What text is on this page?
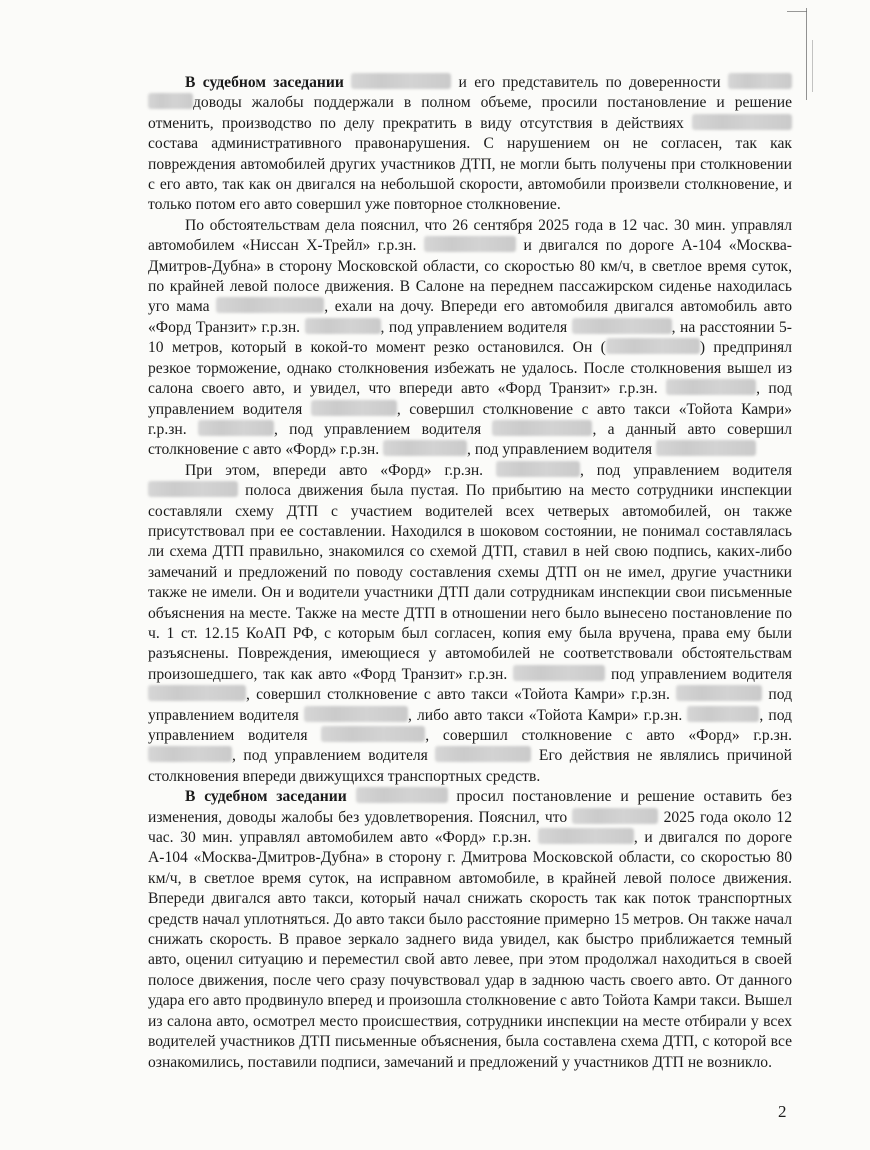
В судебном заседании	и его представитель по доверенности  доводы жалобы поддержали в полном объеме, просили постановление и решение отменить, производство по делу прекратить в виду отсутствия в действиях  состава административного правонарушения. С нарушением он не согласен, так как повреждения автомобилей других участников ДТП, не могли быть получены при столкновении с его авто, так как он двигался на небольшой скорости, автомобили произвели столкновение, и только потом его авто совершил уже повторное столкновение.

По обстоятельствам дела пояснил, что 26 сентября 2025 года в 12 час. 30 мин. управлял автомобилем «Ниссан Х-Трейл» г.р.зн.	и двигался по дороге А-104 «Москва-Дмитров-Дубна» в сторону Московской области, со скоростью 80 км/ч, в светлое время суток, по крайней левой полосе движения. В Салоне на переднем пассажирском сиденье находилась уго мама	, ехали на дочу. Впереди его автомобиля двигался автомобиль авто «Форд Транзит» г.р.зн.	, под управлением водителя	, на расстоянии 5-10 метров, который в кокой-то момент резко остановился. Он (	) предпринял резкое торможение, однако столкновения избежать не удалось. После столкновения вышел из салона своего авто, и увидел, что впереди авто «Форд Транзит» г.р.зн.	, под управлением водителя	, совершил столкновение с авто такси «Тойота Камри» г.р.зн.	, под управлением водителя	, а данный авто совершил столкновение с авто «Форд» г.р.зн.	, под управлением водителя

При этом, впереди авто «Форд» г.р.зн.	, под управлением водителя  полоса движения была пустая. По прибытию на место сотрудники инспекции составляли схему ДТП с участием водителей всех четверых автомобилей, он также присутствовал при ее составлении. Находился в шоковом состоянии, не понимал составлялась ли схема ДТП правильно, знакомился со схемой ДТП, ставил в ней свою подпись, каких-либо замечаний и предложений по поводу составления схемы ДТП он не имел, другие участники также не имели. Он и водители участники ДТП дали сотрудникам инспекции свои письменные объяснения на месте. Также на месте ДТП в отношении него было вынесено постановление по ч. 1 ст. 12.15 КоАП РФ, с которым был согласен, копия ему была вручена, права ему были разъяснены. Повреждения, имеющиеся у автомобилей не соответствовали обстоятельствам произошедшего, так как авто «Форд Транзит» г.р.зн.	под управлением водителя , совершил столкновение с авто такси «Тойота Камри» г.р.зн.	под управлением водителя	, либо авто такси «Тойота Камри» г.р.зн.	, под управлением водителя	, совершил столкновение с авто «Форд» г.р.зн. , под управлением водителя	Его действия не являлись причиной столкновения впереди движущихся транспортных средств.

В судебном заседании	просил постановление и решение оставить без изменения, доводы жалобы без удовлетворения. Пояснил, что	2025 года около 12 час. 30 мин. управлял автомобилем авто «Форд» г.р.зн.	, и двигался по дороге А-104 «Москва-Дмитров-Дубна» в сторону г. Дмитрова Московской области, со скоростью 80 км/ч, в светлое время суток, на исправном автомобиле, в крайней левой полосе движения. Впереди двигался авто такси, который начал снижать скорость так как поток транспортных средств начал уплотняться. До авто такси было расстояние примерно 15 метров. Он также начал снижать скорость. В правое зеркало заднего вида увидел, как быстро приближается темный авто, оценил ситуацию и переместил свой авто левее, при этом продолжал находиться в своей полосе движения, после чего сразу почувствовал удар в заднюю часть своего авто. От данного удара его авто продвинуло вперед и произошла столкновение с авто Тойота Камри такси. Вышел из салона авто, осмотрел место происшествия, сотрудники инспекции на месте отбирали у всех водителей участников ДТП письменные объяснения, была составлена схема ДТП, с которой все ознакомились, поставили подписи, замечаний и предложений у участников ДТП не возникло.

2
